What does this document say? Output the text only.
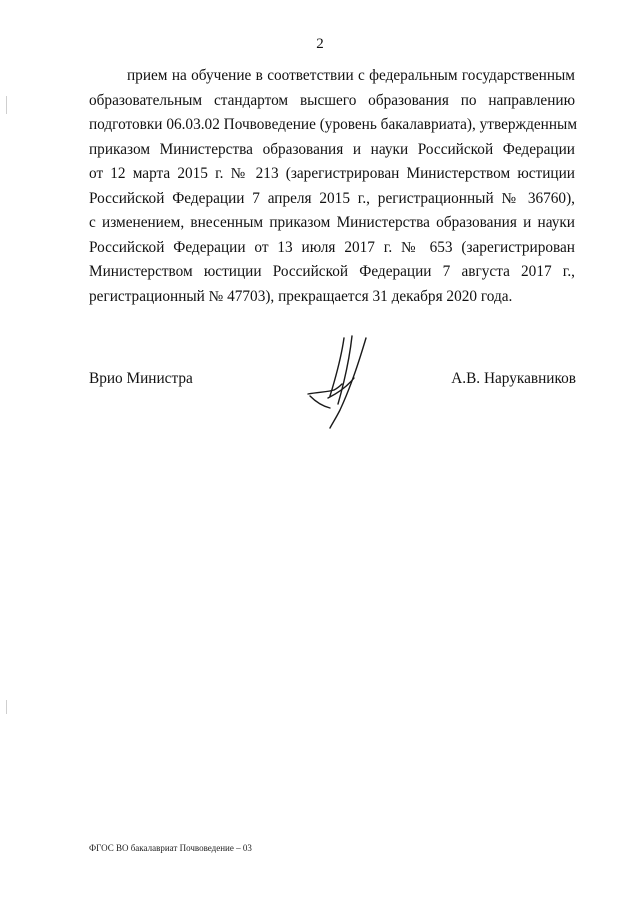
2
прием на обучение в соответствии с федеральным государственным
образовательным стандартом высшего образования по направлению
подготовки 06.03.02 Почвоведение (уровень бакалавриата), утвержденным
приказом Министерства образования и науки Российской Федерации
от 12 марта 2015 г. № 213 (зарегистрирован Министерством юстиции
Российской Федерации 7 апреля 2015 г., регистрационный № 36760),
с изменением, внесенным приказом Министерства образования и науки
Российской Федерации от 13 июля 2017 г. № 653 (зарегистрирован
Министерством юстиции Российской Федерации 7 августа 2017 г.,
регистрационный № 47703), прекращается 31 декабря 2020 года.
Врио Министра	А.В. Нарукавников
ФГОС ВО бакалавриат Почвоведение – 03
